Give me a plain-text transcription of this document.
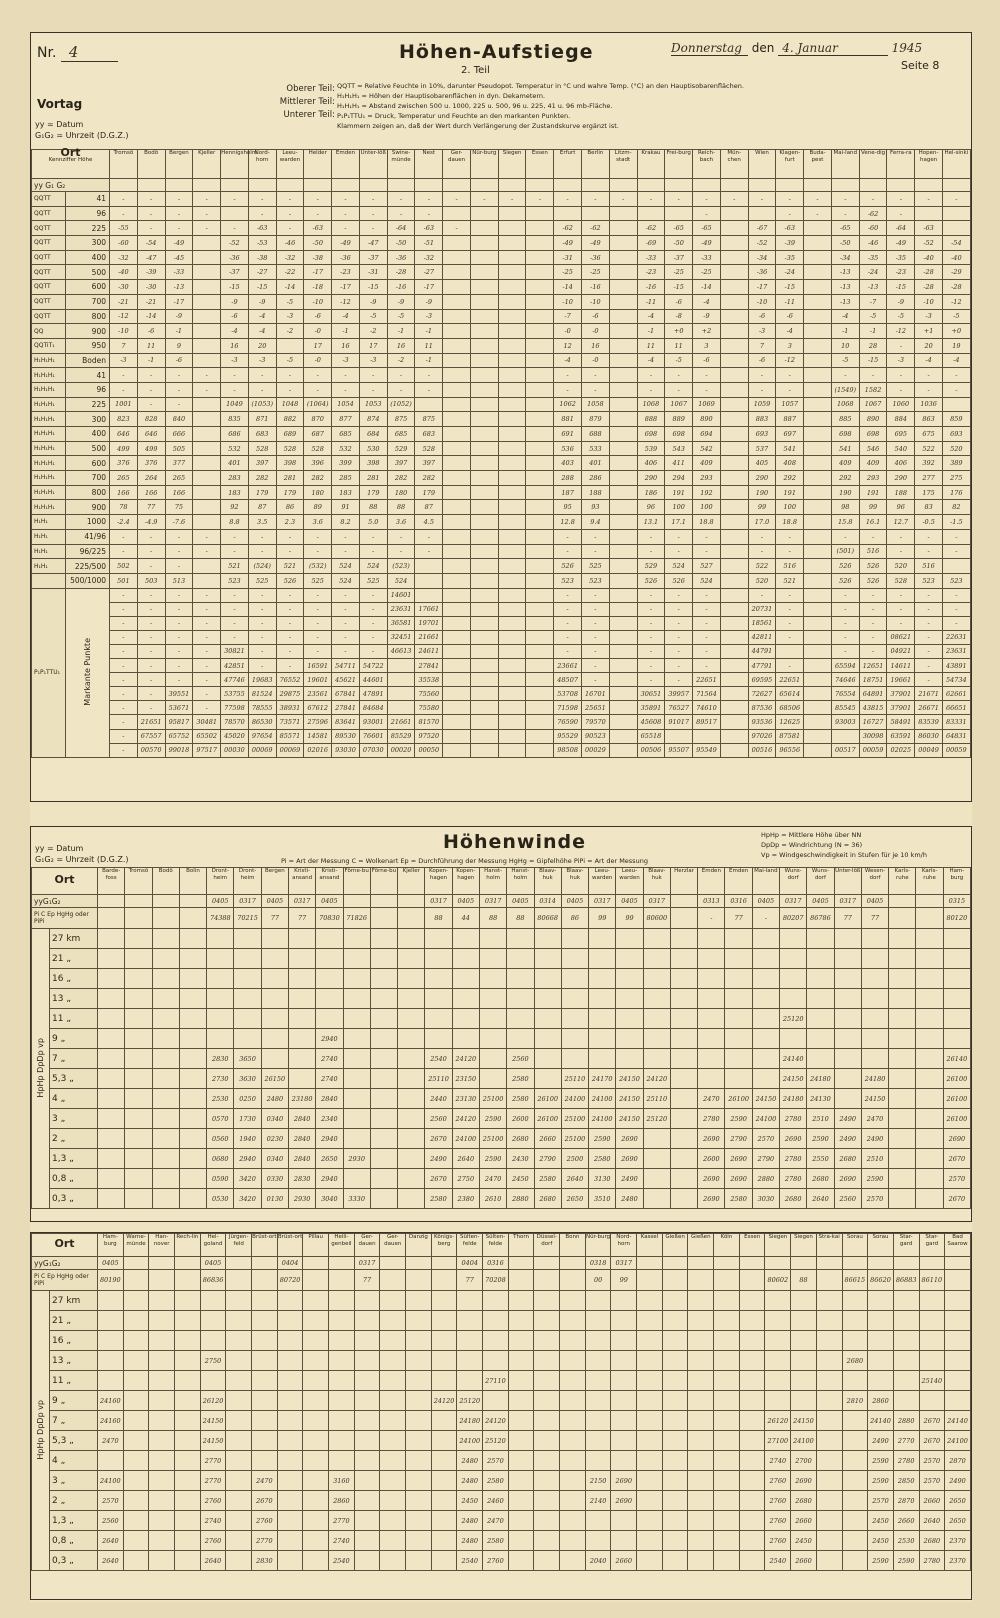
Nr. 4	Höhen-Aufstiege
2. Teil
Vortag
yy = Datum
G₁G₂ = Uhrzeit (D.G.Z.)
Oberer Teil:
Mittlerer Teil:
Unterer Teil:
QQTT = Relative Feuchte in 10%, darunter Pseudopot. Temperatur in °C und wahre Temp. (°C) an den Hauptisobarenflächen.
H₁H₁H₁ = Höhen der Hauptisobarenflächen in dyn. Dekametern.
H₁H₁H₁ = Abstand zwischen 500 u. 1000, 225 u. 500, 96 u. 225, 41 u. 96 mb-Fläche.
P₁P₁TTU₁ = Druck, Temperatur und Feuchte an den markanten Punkten.
Klammern zeigen an, daß der Wert durch Verlängerung der Zustandskurve ergänzt ist.
Donnerstag den 4. Januar	1945
Seite 8
Ort
Kennziffer Höhe		Tromsö	Bodö	Bergen	Kjeller	Hennigsholm	Nord-horn	Leeu-warden	Helder	Emden	Unter-löß	Swine-münde	Nest	Ger-dauen	Nür-burg	Siegen	Essen	Erfurt	Berlin	Litzm-stadt	Krakau	Frei-burg	Reich-bach	Mün-chen	Wien	Klagen-furt	Buda-pest	Mai-land	Vene-dig	Ferra-ra	Hopen-hagen	Hel-sinki
yy G₁ G₂																																
QQTT	41	-	-	-	-	-	-	-	-	-	-	-	-	-	-	-	-	-	-	-	-	-	-	-	-	-	-	-	-	-	-	-
QQTT	96	-	-	-	-		-	-	-	-	-	-	-										-			-	-	-	-62	-		
QQTT	225	-55	-	-	-	-	-63	-	-63	-	-	-64	-63	-				-62	-62		-62	-65	-65		-67	-63		-65	-60	-64	-63	
QQTT	300	-60	-54	-49		-52	-53	-46	-50	-49	-47	-50	-51					-49	-49		-69	-50	-49		-52	-39		-50	-46	-49	-52	-54
QQTT	400	-32	-47	-45		-36	-38	-32	-38	-36	-37	-36	-32					-31	-36		-33	-37	-33		-34	-35		-34	-35	-35	-40	-40
QQTT	500	-40	-39	-33		-37	-27	-22	-17	-23	-31	-28	-27					-25	-25		-23	-25	-25		-36	-24		-13	-24	-23	-28	-29
QQTT	600	-30	-30	-13		-15	-15	-14	-18	-17	-15	-16	-17					-14	-16		-16	-15	-14		-17	-15		-13	-13	-15	-28	-28
QQTT	700	-21	-21	-17		-9	-9	-5	-10	-12	-9	-9	-9					-10	-10		-11	-6	-4		-10	-11		-13	-7	-9	-10	-12
QQTT	800	-12	-14	-9		-6	-4	-3	-6	-4	-5	-5	-3					-7	-6		-4	-8	-9		-6	-6		-4	-5	-5	-3	-5
QQ	900	-10	-6	-1		-4	-4	-2	-0	-1	-2	-1	-1					-0	-0		-1	+0	+2		-3	-4		-1	-1	-12	+1	+0
QQTiT₁	950	7	11	9		16	20		17	16	17	16	11					12	16		11	11	3		7	3		10	28	-	20	19
H₁H₁H₁	Boden	-3	-1	-6		-3	-3	-5	-0	-3	-3	-2	-1					-4	-0		-4	-5	-6		-6	-12		-5	-15	-3	-4	-4
H₁H₁H₁	41	-	-	-	-	-	-	-	-	-	-	-	-					-	-		-	-	-		-	-		-	-	-	-	-
H₁H₁H₁	96	-	-	-	-	-	-	-	-	-	-	-	-					-	-		-	-	-		-	-		(1549)	1582	-	-	-
H₁H₁H₁	225	1001	-	-		1049	(1053)	1048	(1064)	1054	1053	(1052)						1062	1058		1068	1067	1069		1059	1057		1068	1067	1060	1036	
H₁H₁H₁	300	823	828	840		835	871	882	870	877	874	875	875					881	879		888	889	890		883	887		885	890	884	863	859
H₁H₁H₁	400	646	646	666		686	683	689	687	685	684	685	683					691	688		698	698	694		693	697		698	698	695	675	693
H₁H₁H₁	500	499	499	505		532	528	528	528	532	530	529	528					536	533		539	543	542		537	541		541	546	540	522	520
H₁H₁H₁	600	376	376	377		401	397	398	396	399	398	397	397					403	401		406	411	409		405	408		409	409	406	392	389
H₁H₁H₁	700	265	264	265		283	282	281	282	285	281	282	282					288	286		290	294	293		290	292		292	293	290	277	275
H₁H₁H₁	800	166	166	166		183	179	179	180	183	179	180	179					187	188		186	191	192		190	191		190	191	188	175	176
H₁H₁H₁	900	78	77	75		92	87	86	89	91	88	88	87					95	93		96	100	100		99	100		98	99	96	83	82
H₁H₁	1000	-2.4	-4.9	-7.6		8.8	3.5	2.3	3.6	8.2	5.0	3.6	4.5					12.8	9.4		13.1	17.1	18.8		17.0	18.8		15.8	16.1	12.7	-0.5	-1.5
H₁H₁	41/96	-	-	-	-	-	-	-	-	-	-	-	-					-	-		-	-	-		-	-		-	-	-	-	-
H₁H₁	96/225	-	-	-	-	-	-	-	-	-	-	-	-					-	-		-	-	-		-	-		(501)	516	-	-	-
H₁H₁	225/500	502	-	-		521	(524)	521	(532)	524	524	(523)						526	525		529	524	527		522	516		526	526	520	516	
	500/1000	501	503	513		523	525	526	525	524	525	524						523	523		526	526	524		520	521		526	526	528	523	523
P₁P₁TTU₁	Markante Punkte	-	-	-	-	-	-	-	-	-	-	14601						-	-		-	-	-		-	-		-	-	-	-	-
		-	-	-	-	-	-	-	-	-	-	23631	17661					-	-		-	-	-		20731	-		-	-	-	-	-
		-	-	-	-	-	-	-	-	-	-	36581	19701					-	-		-	-	-		18561	-		-	-	-	-	-
		-	-	-	-	-	-	-	-	-	-	32451	21661					-	-		-	-	-		42811	-		-	-	08621	-	22631
		-	-	-	-	30821	-	-	-	-	-	46613	24611					-	-		-	-	-		44791			-	-	04921	-	23631
		-	-	-	-	42851	-	-	16591	54711	54722		27841					23661	-		-	-	-		47791	-		65594	12651	14611	-	43891
		-	-	-	-	47746	19683	76552	19601	45621	44601		35538					48507	-		-	-	22651		69595	22651		74646	18751	19661	-	54734
		-	-	39551	-	53755	81524	29875	23561	67841	47891		75560					53708	16701		30651	39957	71564		72627	65614		76554	64891	37901	21671	62661
		-	-	53671	-	77598	78555	38931	67612	27841	84684		75580					71598	25651		35891	76527	74610		87536	68506		85545	43815	37901	26671	66651
		-	21651	95817	30481	78570	86530	73571	27596	83641	93001	21661	81570					76590	79570		45608	91017	89517		93536	12625		93003	16727	58491	83539	83331
		-	67557	65752	65502	45020	97654	85571	14581	89530	76601	85529	97520					95529	90523		65518				97026	87581			30098	63591	86030	64831
		-	00570	99018	97517	00030	00069	00069	02016	93030	07030	00020	00050					98508	00029		00506	95507	95549		00516	96556		00517	00059	02025	00049	00059
yy = Datum
G₁G₂ = Uhrzeit (D.G.Z.)
Höhenwinde
Pi = Art der Messung C = Wolkenart Ep = Durchführung der Messung HgHg = Gipfelhöhe PiPi = Art der Messung
HpHp = Mittlere Höhe über NN
DpDp = Windrichtung (N = 36)
Vp = Windgeschwindigkeit in Stufen für je 10 km/h
Ort		Barde-foss	Tromsö	Bodö	Bolin	Dront-heim	Dront-heim	Bergen	Kristi-ansand	Kristi-ansand	Förne-bu	Förne-bu	Kjeller	Kopen-hagen	Kopen-hagen	Hanst-holm	Hanst-holm	Blaav-huk	Blaav-huk	Leeu-warden	Leeu-warden	Blaav-huk	Herzlar	Emden	Emden	Mai-land	Wuns-dorf	Wuns-dorf	Unter-löß	Wesen-dorf	Karls-ruhe	Karls-ruhe	Ham-burg
yyG₁G₂						0405	0317	0405	0317	0405				0317	0405	0317	0405	0314	0405	0317	0405	0317		0313	0316	0405	0317	0405	0317	0405			0315
Pi C Ep HgHg oder PiPi						74388	70215	77	77	70830	71826			88	44	88	88	80668	86	99	99	80600		-	77	-	80207	86786	77	77			80120
HpHp DpDp vp	27 km																																
	21 „																																
	16 „																																
	13 „																																
	11 „																										25120						
	9 „									2940																							
	7 „					2830	3650			2740				2540	24120		2560										24140						26140
	5,3 „					2730	3630	26150		2740				25110	23150		2580		25110	24170	24150	24120					24150	24180		24180			26100
	4 „					2530	0250	2480	23180	2840				2440	23130	25100	2580	26100	24100	24100	24150	25110		2470	26100	24150	24180	24130		24150			26100
	3 „					0570	1730	0340	2840	2340				2560	24120	2590	2600	26100	25100	24100	24150	25120		2780	2590	24100	2780	2510	2490	2470			26100
	2 „					0560	1940	0230	2840	2940				2670	24100	25100	2680	2660	25100	2590	2690			2690	2790	2570	2690	2590	2490	2490			2690
	1,3 „					0680	2940	0340	2840	2650	2930			2490	2640	2590	2430	2790	2500	2580	2690			2600	2690	2790	2780	2550	2680	2510			2670
	0,8 „					0590	3420	0330	2830	2940				2670	2750	2470	2450	2580	2640	3130	2490			2690	2690	2880	2780	2680	2690	2590			2570
	0,3 „					0530	3420	0130	2930	3040	3330			2580	2380	2610	2880	2680	2650	3510	2480			2690	2580	3030	2680	2640	2560	2570			2670
Ort		Ham-burg	Warne-münde	Han-nover	Rech-lin	Hel-goland	Jürgen-feld	Brüst-ort	Brüst-ort	Pillau	Heili-genbeil	Ger-dauen	Ger-dauen	Danzig	Königs-berg	Sülten-felde	Sülten-felde	Thorn	Düssel-dorf	Bonn	Nür-burg	Nord-horn	Kassel	Gießen	Gießen	Köln	Essen	Siegen	Siegen	Stra-kai	Sorau	Sorau	Star-gard	Star-gard	Bad Saarow
yyG₁G₂		0405				0405			0404			0317				0404	0316				0318	0317													
Pi C Ep HgHg oder PiPi		80190				86836			80720			77				77	70208				00	99						80602	88		86615	86620	86883	86110	
HpHp DpDp vp	27 km																																		
	21 „																																		
	16 „																																		
	13 „					2750																									2680				
	11 „																27110																	25140	
	9 „	24160				26120									24120	25120															2810	2860			
	7 „	24160				24150										24180	24120											26120	24150			24140	2880	2670	24140
	5,3 „	2470				24150										24100	25120											27100	24100			2490	2770	2670	24100
	4 „					2770										2480	2570											2740	2700			2590	2780	2570	2870
	3 „	24100				2770		2470			3160					2480	2580				2150	2690						2760	2690			2590	2850	2570	2490
	2 „	2570				2760		2670			2860					2450	2460				2140	2690						2760	2680			2570	2870	2660	2650
	1,3 „	2560				2740		2760			2770					2480	2470											2760	2660			2450	2660	2640	2650
	0,8 „	2640				2760		2770			2740					2480	2580											2760	2450			2450	2530	2680	2370
	0,3 „	2640				2640		2830			2540					2540	2760				2040	2660						2540	2660			2590	2590	2780	2370
